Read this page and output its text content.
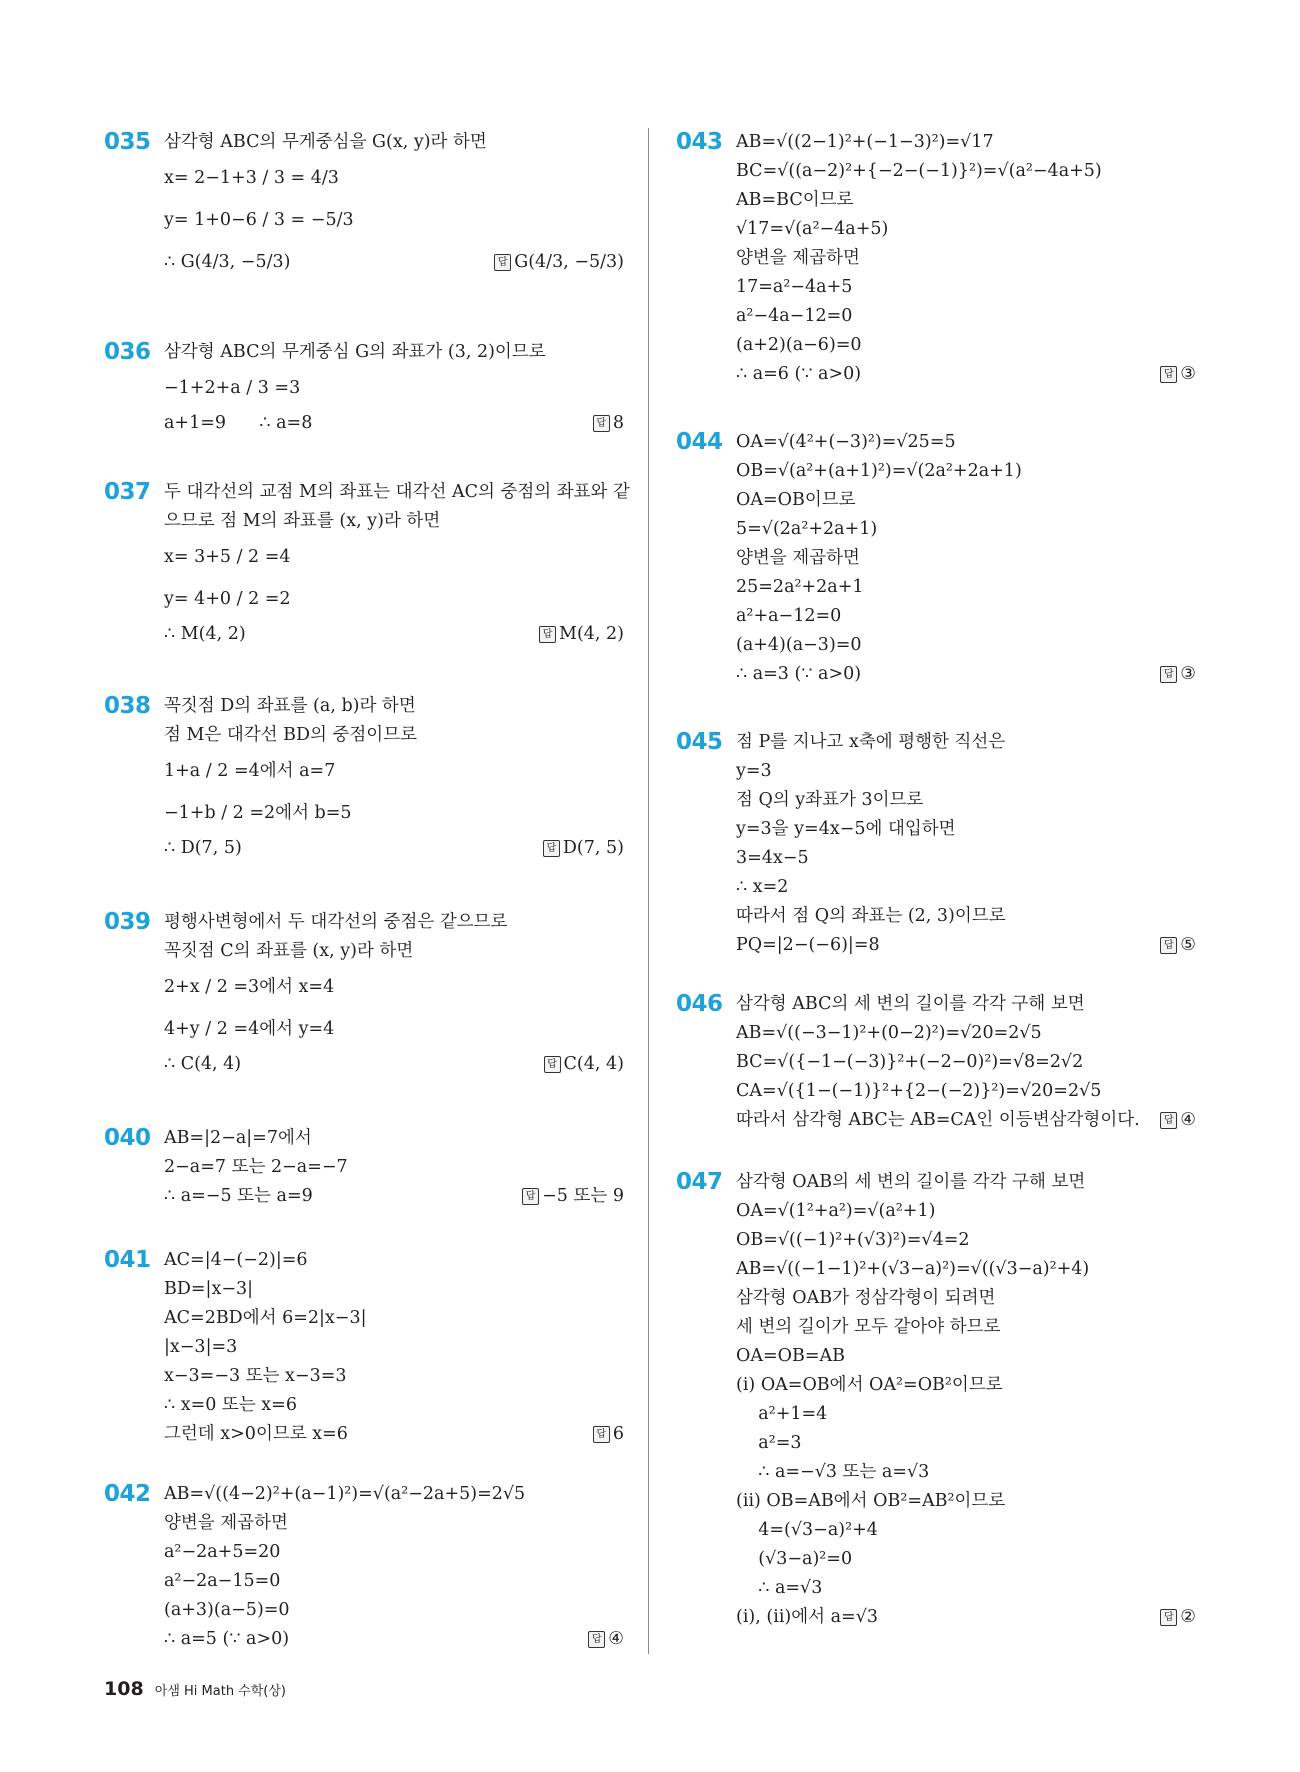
035 삼각형 ABC의 무게중심을 G(x, y)라 하면
x= 2−1+3 / 3 = 4/3
y= 1+0−6 / 3 = −5/3
∴ G(4/3, −5/3)	답 G(4/3, −5/3)
036 삼각형 ABC의 무게중심 G의 좌표가 (3, 2)이므로
−1+2+a / 3 =3
a+1=9      ∴ a=8	답 8
037 두 대각선의 교점 M의 좌표는 대각선 AC의 중점의 좌표와 같
으므로 점 M의 좌표를 (x, y)라 하면
x= 3+5 / 2 =4
y= 4+0 / 2 =2
∴ M(4, 2)	답 M(4, 2)
038 꼭짓점 D의 좌표를 (a, b)라 하면
점 M은 대각선 BD의 중점이므로
1+a / 2 =4에서 a=7
−1+b / 2 =2에서 b=5
∴ D(7, 5)	답 D(7, 5)
039 평행사변형에서 두 대각선의 중점은 같으므로
꼭짓점 C의 좌표를 (x, y)라 하면
2+x / 2 =3에서 x=4
4+y / 2 =4에서 y=4
∴ C(4, 4)	답 C(4, 4)
040 AB=|2−a|=7에서
2−a=7 또는 2−a=−7
∴ a=−5 또는 a=9	답 −5 또는 9
041 AC=|4−(−2)|=6
BD=|x−3|
AC=2BD에서 6=2|x−3|
|x−3|=3
x−3=−3 또는 x−3=3
∴ x=0 또는 x=6
그런데 x>0이므로 x=6	답 6
042 AB=√((4−2)²+(a−1)²)=√(a²−2a+5)=2√5
양변을 제곱하면
a²−2a+5=20
a²−2a−15=0
(a+3)(a−5)=0
∴ a=5 (∵ a>0)	답 ④
043 AB=√((2−1)²+(−1−3)²)=√17
BC=√((a−2)²+{−2−(−1)}²)=√(a²−4a+5)
AB=BC이므로
√17=√(a²−4a+5)
양변을 제곱하면
17=a²−4a+5
a²−4a−12=0
(a+2)(a−6)=0
∴ a=6 (∵ a>0)	답 ③
044 OA=√(4²+(−3)²)=√25=5
OB=√(a²+(a+1)²)=√(2a²+2a+1)
OA=OB이므로
5=√(2a²+2a+1)
양변을 제곱하면
25=2a²+2a+1
a²+a−12=0
(a+4)(a−3)=0
∴ a=3 (∵ a>0)	답 ③
045 점 P를 지나고 x축에 평행한 직선은
y=3
점 Q의 y좌표가 3이므로
y=3을 y=4x−5에 대입하면
3=4x−5
∴ x=2
따라서 점 Q의 좌표는 (2, 3)이므로
PQ=|2−(−6)|=8	답 ⑤
046 삼각형 ABC의 세 변의 길이를 각각 구해 보면
AB=√((−3−1)²+(0−2)²)=√20=2√5
BC=√({−1−(−3)}²+(−2−0)²)=√8=2√2
CA=√({1−(−1)}²+{2−(−2)}²)=√20=2√5
따라서 삼각형 ABC는 AB=CA인 이등변삼각형이다.	답 ④
047 삼각형 OAB의 세 변의 길이를 각각 구해 보면
OA=√(1²+a²)=√(a²+1)
OB=√((−1)²+(√3)²)=√4=2
AB=√((−1−1)²+(√3−a)²)=√((√3−a)²+4)
삼각형 OAB가 정삼각형이 되려면
세 변의 길이가 모두 같아야 하므로
OA=OB=AB
(ⅰ) OA=OB에서 OA²=OB²이므로
a²+1=4
a²=3
∴ a=−√3 또는 a=√3
(ⅱ) OB=AB에서 OB²=AB²이므로
4=(√3−a)²+4
(√3−a)²=0
∴ a=√3
(ⅰ), (ⅱ)에서 a=√3	답 ②
108 아샘 Hi Math 수학(상)
